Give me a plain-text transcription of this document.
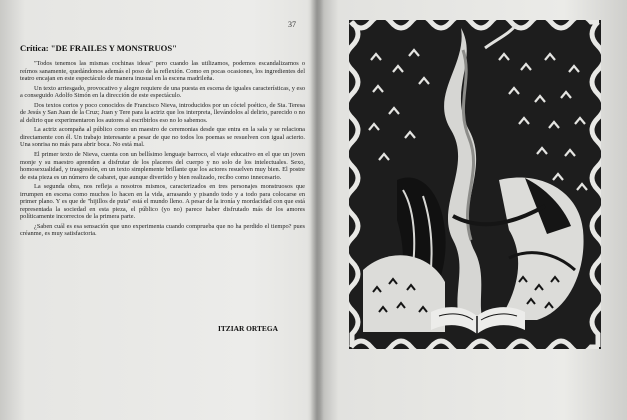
37
Crítica: "DE FRAILES Y MONSTRUOS"

"Todos tenemos las mismas cochinas ideas" pero cuando las utilizamos, podemos escandalizarnos o reírnos sanamente, quedándonos además el poso de la reflexión. Como en pocas ocasiones, los ingredientes del teatro encajan en este espectáculo de manera inusual en la escena madrileña.

Un texto arriesgado, provocativo y alegre requiere de una puesta en escena de iguales características, y eso a conseguido Adolfo Simón en la dirección de este espectáculo.

Dos textos cortos y poco conocidos de Francisco Nieva, introducidos por un cóctel poético, de Sta. Teresa de Jesús y San Juan de la Cruz; Juan y Tere para la actriz que los interpreta, llevándolos al delirio, parecido o no al delirio que experimentaron los autores al escribirlos eso no lo sabemos.

La actriz acompaña al público como un maestro de ceremonias desde que entra en la sala y se relaciona directamente con él. Un trabajo interesante a pesar de que no todos los poemas se resuelven con igual acierto. Una sonrisa no más para abrir boca. No está mal.

El primer texto de Nieva, cuenta con un bellísimo lenguaje barroco, el viaje educativo en el que un joven monje y su maestro aprenden a disfrutar de los placeres del cuerpo y no solo de los intelectuales. Sexo, homosexualidad, y trasgresión, en un texto simplemente brillante que los actores resuelven muy bien. El postre de esta pieza es un número de cabaret, que aunque divertido y bien realizado, recibo como innecesario.

La segunda obra, nos refleja a nosotros mismos, caracterizados en tres personajes monstruosos que irrumpen en escena como muchos lo hacen en la vida, arrasando y pisando todo y a todo para colocarse en primer plano. Y es que de "hijillos de puta" está el mundo lleno. A pesar de la ironía y mordacidad con que está representada la sociedad en esta pieza, el público (yo no) parece haber disfrutado más de los amores políticamente incorrectos de la primera parte.

¿Saben cuál es esa sensación que uno experimenta cuando comprueba que no ha perdido el tiempo? pues créanme, es muy satisfactoria.

ITZIAR ORTEGA
